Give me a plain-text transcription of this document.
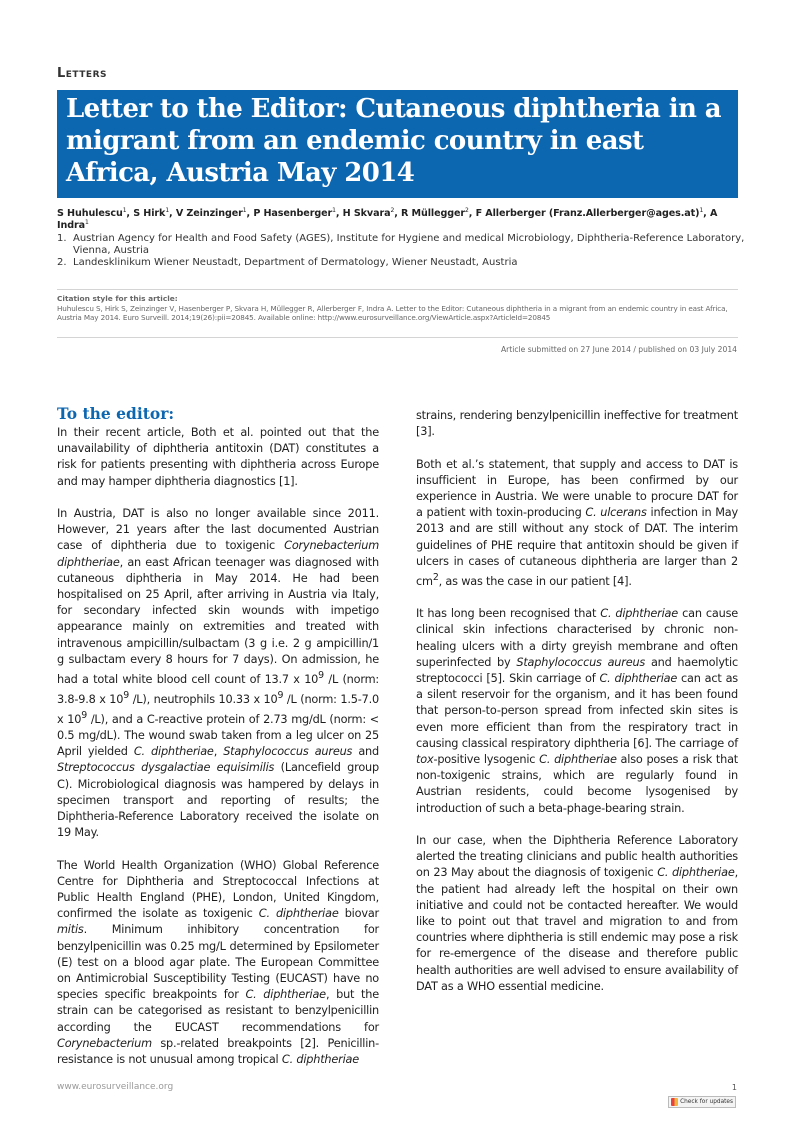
Letters
Letter to the Editor: Cutaneous diphtheria in a migrant from an endemic country in east Africa, Austria May 2014
S Huhulescu$^1$, S Hirk$^1$, V Zeinzinger$^1$, P Hasenberger$^1$, H Skvara$^2$, R Müllegger$^2$, F Allerberger (Franz.Allerberger@ages.at)$^1$, A Indra$^1$
1. Austrian Agency for Health and Food Safety (AGES), Institute for Hygiene and medical Microbiology, Diphtheria-Reference Laboratory, Vienna, Austria
2. Landesklinikum Wiener Neustadt, Department of Dermatology, Wiener Neustadt, Austria
Citation style for this article:
Huhulescu S, Hirk S, Zeinzinger V, Hasenberger P, Skvara H, Müllegger R, Allerberger F, Indra A. Letter to the Editor: Cutaneous diphtheria in a migrant from an endemic country in east Africa, Austria May 2014. Euro Surveill. 2014;19(26):pii=20845. Available online: http://www.eurosurveillance.org/ViewArticle.aspx?ArticleId=20845
Article submitted on 27 June 2014 / published on 03 July 2014
To the editor:

In their recent article, Both et al. pointed out that the unavailability of diphtheria antitoxin (DAT) constitutes a risk for patients presenting with diphtheria across Europe and may hamper diphtheria diagnostics [1].

In Austria, DAT is also no longer available since 2011. However, 21 years after the last documented Austrian case of diphtheria due to toxigenic Corynebacterium diphtheriae, an east African teenager was diagnosed with cutaneous diphtheria in May 2014. He had been hospitalised on 25 April, after arriving in Austria via Italy, for secondary infected skin wounds with impetigo appearance mainly on extremities and treated with intravenous ampicillin/sulbactam (3 g i.e. 2 g ampicillin/1 g sulbactam every 8 hours for 7 days). On admission, he had a total white blood cell count of 13.7 x $10^9$ /L (norm: 3.8-9.8 x $10^9$ /L), neutrophils 10.33 x $10^9$ /L (norm: 1.5-7.0 x $10^9$ /L), and a C-reactive protein of 2.73 mg/dL (norm: < 0.5 mg/dL). The wound swab taken from a leg ulcer on 25 April yielded C. diphtheriae, Staphylococcus aureus and Streptococcus dysgalactiae equisimilis (Lancefield group C). Microbiological diagnosis was hampered by delays in specimen transport and reporting of results; the Diphtheria-Reference Laboratory received the isolate on 19 May.

The World Health Organization (WHO) Global Reference Centre for Diphtheria and Streptococcal Infections at Public Health England (PHE), London, United Kingdom, confirmed the isolate as toxigenic C. diphtheriae biovar mitis. Minimum inhibitory concentration for benzylpenicillin was 0.25 mg/L determined by Epsilometer (E) test on a blood agar plate. The European Committee on Antimicrobial Susceptibility Testing (EUCAST) have no species specific breakpoints for C. diphtheriae, but the strain can be categorised as resistant to benzylpenicillin according the EUCAST recommendations for Corynebacterium sp.-related breakpoints [2]. Penicillin-resistance is not unusual among tropical C. diphtheriae

strains, rendering benzylpenicillin ineffective for treatment [3].

Both et al.’s statement, that supply and access to DAT is insufficient in Europe, has been confirmed by our experience in Austria. We were unable to procure DAT for a patient with toxin-producing C. ulcerans infection in May 2013 and are still without any stock of DAT. The interim guidelines of PHE require that antitoxin should be given if ulcers in cases of cutaneous diphtheria are larger than 2 $cm^2$, as was the case in our patient [4].

It has long been recognised that C. diphtheriae can cause clinical skin infections characterised by chronic non-healing ulcers with a dirty greyish membrane and often superinfected by Staphylococcus aureus and haemolytic streptococci [5]. Skin carriage of C. diphtheriae can act as a silent reservoir for the organism, and it has been found that person-to-person spread from infected skin sites is even more efficient than from the respiratory tract in causing classical respiratory diphtheria [6]. The carriage of tox-positive lysogenic C. diphtheriae also poses a risk that non-toxigenic strains, which are regularly found in Austrian residents, could become lysogenised by introduction of such a beta-phage-bearing strain.

In our case, when the Diphtheria Reference Laboratory alerted the treating clinicians and public health authorities on 23 May about the diagnosis of toxigenic C. diphtheriae, the patient had already left the hospital on their own initiative and could not be contacted hereafter. We would like to point out that travel and migration to and from countries where diphtheria is still endemic may pose a risk for re-emergence of the disease and therefore public health authorities are well advised to ensure availability of DAT as a WHO essential medicine.

www.eurosurveillance.org	1
Check for updates
